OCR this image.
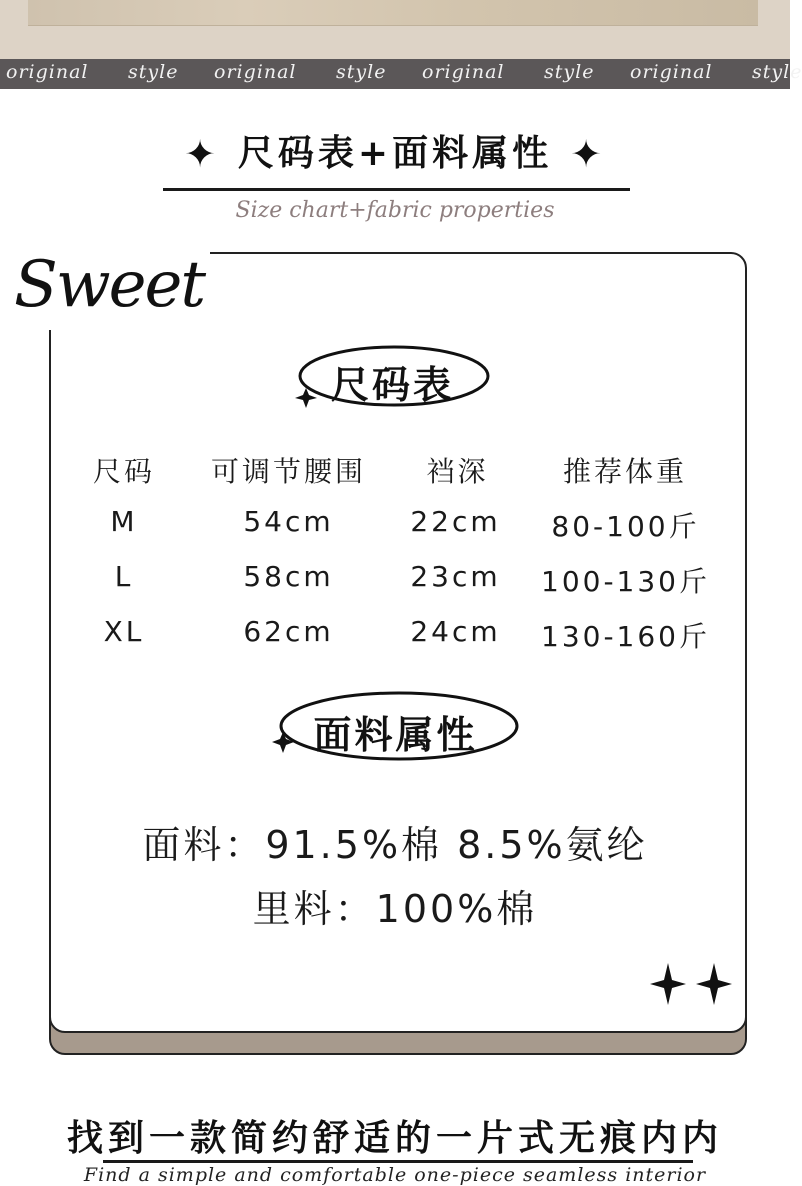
original style original style original style original style
✦ 尺码表+面料属性 ✦
Size chart+fabric properties
Sweet
尺码表
尺码	可调节腰围	裆深	推荐体重
M	54cm	22cm	80-100斤
L	58cm	23cm	100-130斤
XL	62cm	24cm	130-160斤
面料属性
面料：91.5%棉 8.5%氨纶
里料：100%棉
找到一款简约舒适的一片式无痕内内
Find a simple and comfortable one-piece seamless interior
